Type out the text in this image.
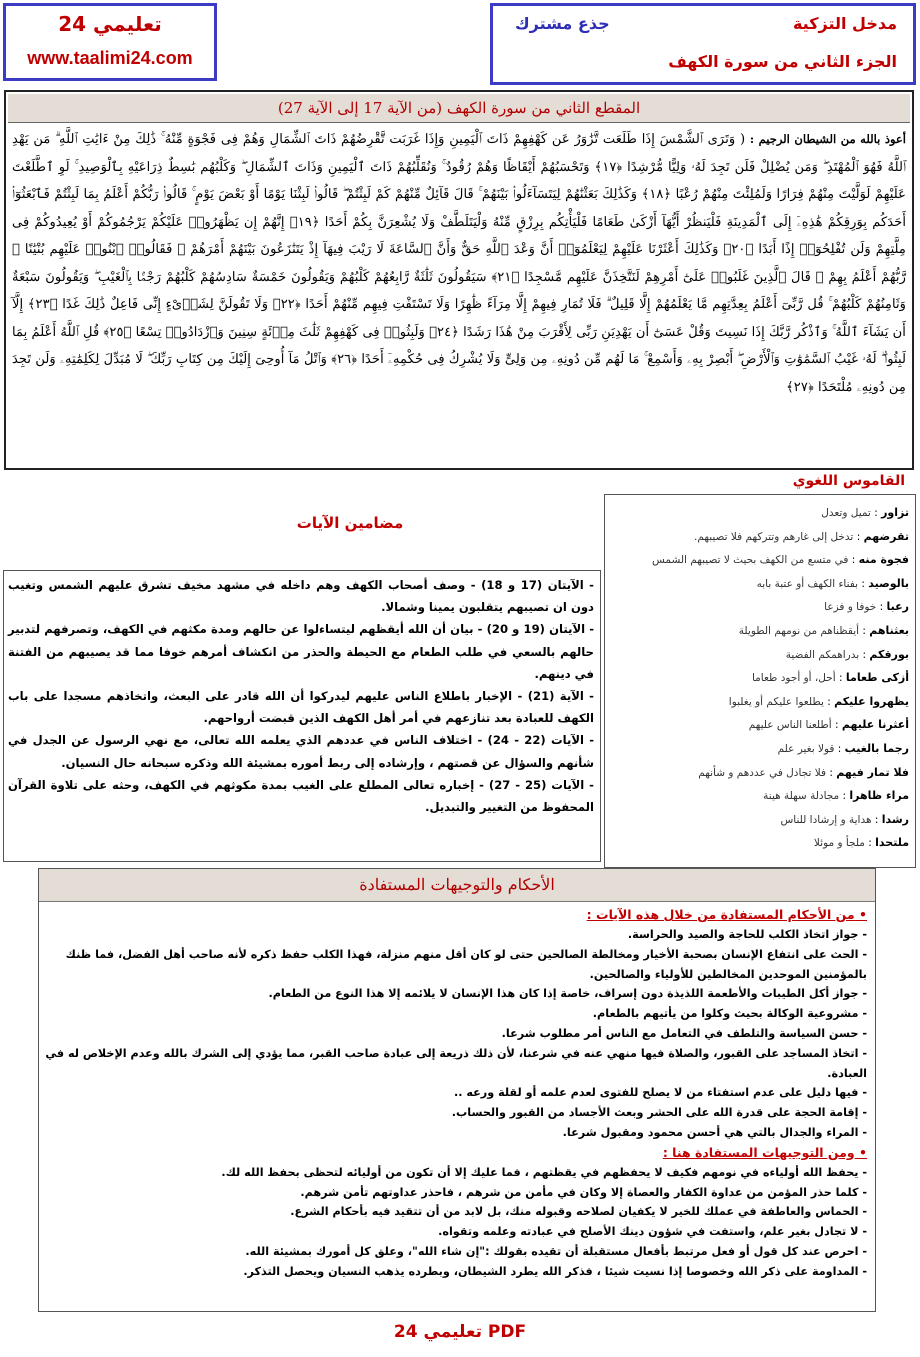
تعليمي 24
www.taalimi24.com
مدخل التزكية
الجزء الثاني من سورة الكهف
جذع مشترك
المقطع الثاني من سورة الكهف (من الآية 17 إلى الآية 27)
أعوذ بالله من الشيطان الرجيم : ( وَتَرَى ٱلشَّمْسَ إِذَا طَلَعَت تَّزَٰوَرُ عَن كَهْفِهِمْ ذَاتَ ٱلْيَمِينِ وَإِذَا غَرَبَت تَّقْرِضُهُمْ ذَاتَ ٱلشِّمَالِ وَهُمْ فِى فَجْوَةٍ مِّنْهُ ۚ ذَٰلِكَ مِنْ ءَايَٰتِ ٱللَّهِ ۗ مَن يَهْدِ ٱللَّهُ فَهُوَ ٱلْمُهْتَدِ ۖ وَمَن يُضْلِلْ فَلَن تَجِدَ لَهُۥ وَلِيًّا مُّرْشِدًا ﴿١٧﴾ وَتَحْسَبُهُمْ أَيْقَاظًا وَهُمْ رُقُودٌ ۚ وَنُقَلِّبُهُمْ ذَاتَ ٱلْيَمِينِ وَذَاتَ ٱلشِّمَالِ ۖ وَكَلْبُهُم بَٰسِطٌ ذِرَاعَيْهِ بِٱلْوَصِيدِ ۚ لَوِ ٱطَّلَعْتَ عَلَيْهِمْ لَوَلَّيْتَ مِنْهُمْ فِرَارًا وَلَمُلِئْتَ مِنْهُمْ رُعْبًا ﴿١٨﴾ وَكَذَٰلِكَ بَعَثْنَٰهُمْ لِيَتَسَآءَلُوا۟ بَيْنَهُمْ ۚ قَالَ قَآئِلٌ مِّنْهُمْ كَمْ لَبِثْتُمْ ۖ قَالُوا۟ لَبِثْنَا يَوْمًا أَوْ بَعْضَ يَوْمٍ ۚ قَالُوا۟ رَبُّكُمْ أَعْلَمُ بِمَا لَبِثْتُمْ فَٱبْعَثُوٓا۟ أَحَدَكُم بِوَرِقِكُمْ هَٰذِهِۦٓ إِلَى ٱلْمَدِينَةِ فَلْيَنظُرْ أَيُّهَآ أَزْكَىٰ طَعَامًا فَلْيَأْتِكُم بِرِزْقٍ مِّنْهُ وَلْيَتَلَطَّفْ وَلَا يُشْعِرَنَّ بِكُمْ أَحَدًا ﴿١٩﴾ إِنَّهُمْ إِن يَظْهَرُوا۟ عَلَيْكُمْ يَرْجُمُوكُمْ أَوْ يُعِيدُوكُمْ فِى مِلَّتِهِمْ وَلَن تُفْلِحُوٓا۟ إِذًا أَبَدًا ﴿٢٠﴾ وَكَذَٰلِكَ أَعْثَرْنَا عَلَيْهِمْ لِيَعْلَمُوٓا۟ أَنَّ وَعْدَ ٱللَّهِ حَقٌّ وَأَنَّ ٱلسَّاعَةَ لَا رَيْبَ فِيهَآ إِذْ يَتَنَٰزَعُونَ بَيْنَهُمْ أَمْرَهُمْ ۖ فَقَالُوا۟ ٱبْنُوا۟ عَلَيْهِم بُنْيَٰنًا ۖ رَّبُّهُمْ أَعْلَمُ بِهِمْ ۚ قَالَ ٱلَّذِينَ غَلَبُوا۟ عَلَىٰٓ أَمْرِهِمْ لَنَتَّخِذَنَّ عَلَيْهِم مَّسْجِدًا ﴿٢١﴾ سَيَقُولُونَ ثَلَٰثَةٌ رَّابِعُهُمْ كَلْبُهُمْ وَيَقُولُونَ خَمْسَةٌ سَادِسُهُمْ كَلْبُهُمْ رَجْمًۢا بِٱلْغَيْبِ ۖ وَيَقُولُونَ سَبْعَةٌ وَثَامِنُهُمْ كَلْبُهُمْ ۚ قُل رَّبِّىٓ أَعْلَمُ بِعِدَّتِهِم مَّا يَعْلَمُهُمْ إِلَّا قَلِيلٌ ۗ فَلَا تُمَارِ فِيهِمْ إِلَّا مِرَآءً ظَٰهِرًا وَلَا تَسْتَفْتِ فِيهِم مِّنْهُمْ أَحَدًا ﴿٢٢﴾ وَلَا تَقُولَنَّ لِشَا۟ىْءٍ إِنِّى فَاعِلٌ ذَٰلِكَ غَدًا ﴿٢٣﴾ إِلَّآ أَن يَشَآءَ ٱللَّهُ ۚ وَٱذْكُر رَّبَّكَ إِذَا نَسِيتَ وَقُلْ عَسَىٰٓ أَن يَهْدِيَنِ رَبِّى لِأَقْرَبَ مِنْ هَٰذَا رَشَدًا ﴿٢٤﴾ وَلَبِثُوا۟ فِى كَهْفِهِمْ ثَلَٰثَ مِا۟ئَةٍ سِنِينَ وَٱزْدَادُوا۟ تِسْعًا ﴿٢٥﴾ قُلِ ٱللَّهُ أَعْلَمُ بِمَا لَبِثُوا۟ ۖ لَهُۥ غَيْبُ ٱلسَّمَٰوَٰتِ وَٱلْأَرْضِ ۖ أَبْصِرْ بِهِۦ وَأَسْمِعْ ۚ مَا لَهُم مِّن دُونِهِۦ مِن وَلِىٍّ وَلَا يُشْرِكُ فِى حُكْمِهِۦٓ أَحَدًا ﴿٢٦﴾ وَٱتْلُ مَآ أُوحِىَ إِلَيْكَ مِن كِتَابِ رَبِّكَ ۖ لَا مُبَدِّلَ لِكَلِمَٰتِهِۦ وَلَن تَجِدَ مِن دُونِهِۦ مُلْتَحَدًا ﴿٢٧﴾
القاموس اللغوي
تزاور : تميل وتعدل
تقرضهم : تدخل إلى غارهم وتتركهم فلا تصيبهم.
فجوة منه : في متسع من الكهف بحيث لا تصيبهم الشمس
بالوصيد : بفناء الكهف أو عتبة بابه
رعبا : خوفا و فزعا
بعثناهم : أيقظناهم من نومهم الطويلة
بورقكم : بدراهمكم الفضية
أزكى طعاما : أحل، أو أجود طعاما
يظهروا عليكم : يطلعوا عليكم أو يغلبوا
أعثرنا عليهم : أطلعنا الناس عليهم
رجما بالغيب : قولا بغير علم
فلا تمار فيهم : فلا تجادل في عددهم و شأنهم
مراء ظاهرا : مجادلة سهلة هينة
رشدا : هداية و إرشادا للناس
ملتحدا : ملجأ و موئلا
مضامين الآيات
- الآيتان (17 و 18) - وصف أصحاب الكهف وهم داخله في مشهد مخيف تشرق عليهم الشمس وتغيب دون ان تصيبهم يتقلبون يمينا وشمالا.
- الآيتان (19 و 20) - بيان أن الله أيقظهم ليتساءلوا عن حالهم ومدة مكثهم في الكهف، وتصرفهم لتدبير حالهم بالسعي في طلب الطعام مع الحيطة والحذر من انكشاف أمرهم خوفا مما قد يصيبهم من الفتنة في دينهم.
- الآية (21) - الإخبار باطلاع الناس عليهم ليدركوا أن الله قادر على البعث، واتخاذهم مسجدا على باب الكهف للعبادة بعد تنازعهم في أمر أهل الكهف الذين قبضت أرواحهم.
- الآيات (22 - 24) - اختلاف الناس في عددهم الذي يعلمه الله تعالى، مع نهي الرسول عن الجدل في شأنهم والسؤال عن قصتهم ، وإرشاده إلى ربط أموره بمشيئة الله وذكره سبحانه حال النسيان.
- الآيات (25 - 27) - إخباره تعالى المطلع على الغيب بمدة مكوثهم في الكهف، وحثه على تلاوة القرآن المحفوظ من التغيير والتبديل.
الأحكام والتوجيهات المستفادة
• من الأحكام المستفادة من خلال هذه الآيات :
- جواز اتخاذ الكلب للحاجة والصيد والحراسة.
- الحث على انتفاع الإنسان بصحبة الأخيار ومخالطة الصالحين حتى لو كان أقل منهم منزلة، فهذا الكلب حفظ ذكره لأنه صاحب أهل الفضل، فما ظنك بالمؤمنين الموحدين المخالطين للأولياء والصالحين.
- جواز أكل الطيبات والأطعمة اللذيذة دون إسراف، خاصة إذا كان هذا الإنسان لا يلائمه إلا هذا النوع من الطعام.
- مشروعية الوكالة بحيث وكلوا من يأتيهم بالطعام.
- حسن السياسة والتلطف في التعامل مع الناس أمر مطلوب شرعا.
- اتخاذ المساجد على القبور، والصلاة فيها منهي عنه في شرعنا، لأن ذلك ذريعة إلى عبادة صاحب القبر، مما يؤدي إلى الشرك بالله وعدم الإخلاص له في العبادة.
- فيها دليل على عدم استفتاء من لا يصلح للفتوى لعدم علمه أو لقلة ورعه ..
- إقامة الحجة على قدرة الله على الحشر وبعث الأجساد من القبور والحساب.
- المراء والجدال بالتي هي أحسن محمود ومقبول شرعا.
• ومن التوجيهات المستفادة هنا :
- يحفظ الله أولياءه في نومهم فكيف لا يحفظهم في يقظتهم ، فما عليك إلا أن تكون من أوليائه لتحظى بحفظ الله لك.
- كلما حذر المؤمن من عداوة الكفار والعصاة إلا وكان في مأمن من شرهم ، فاحذر عداوتهم تأمن شرهم.
- الحماس والعاطفة في عملك للخير لا يكفيان لصلاحه وقبوله منك، بل لابد من أن تتقيد فيه بأحكام الشرع.
- لا تجادل بغير علم، واستفت في شؤون دينك الأصلح في عبادته وعلمه وتقواه.
- احرص عند كل قول أو فعل مرتبط بأفعال مستقبلة أن تقيده بقولك :"إن شاء الله"، وعلق كل أمورك بمشيئة الله.
- المداومة على ذكر الله وخصوصا إذا نسيت شيئا ، فذكر الله يطرد الشيطان، وبطرده يذهب النسيان ويحصل التذكر.
تعليمي 24 PDF
